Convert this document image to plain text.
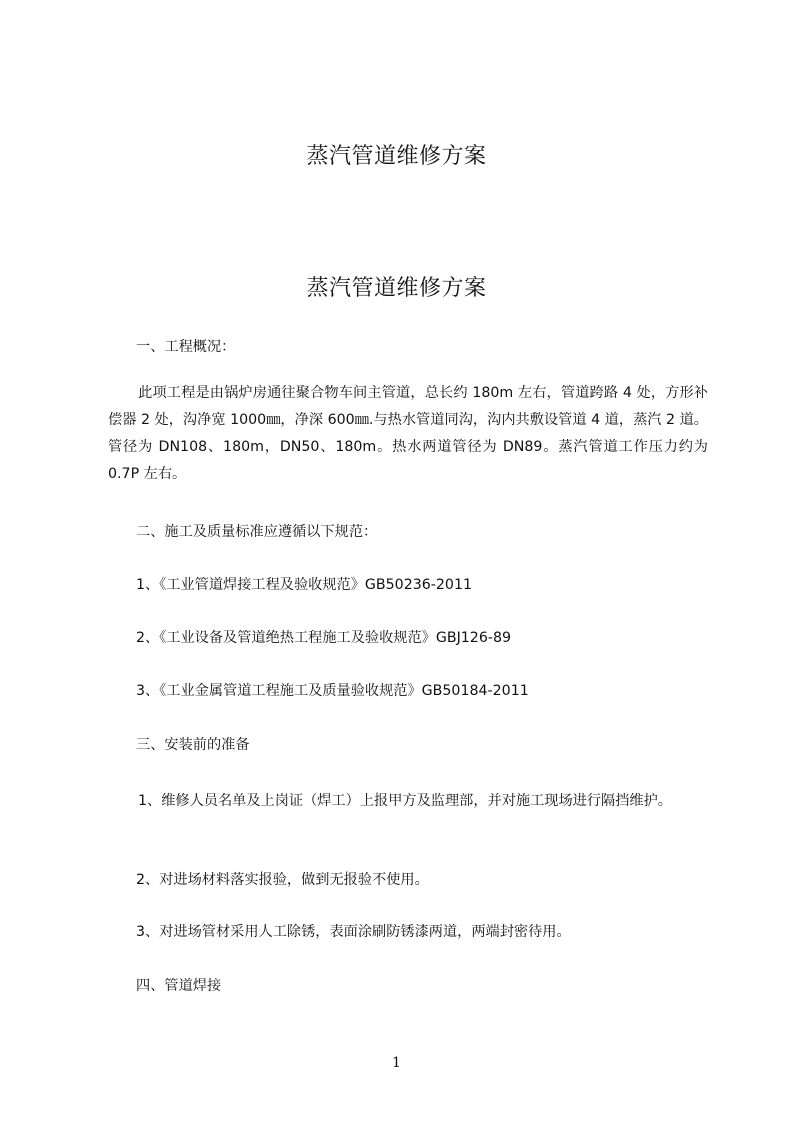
蒸汽管道维修方案
蒸汽管道维修方案
一、工程概况：
此项工程是由锅炉房通往聚合物车间主管道，总长约 180m 左右，管道跨路 4 处，方形补偿器 2 处，沟净宽 1000㎜，净深 600㎜.与热水管道同沟，沟内共敷设管道 4 道，蒸汽 2 道。管径为 DN108、180m，DN50、180m。热水两道管径为 DN89。蒸汽管道工作压力约为 0.7P 左右。
二、施工及质量标准应遵循以下规范：
1、《工业管道焊接工程及验收规范》GB50236-2011
2、《工业设备及管道绝热工程施工及验收规范》GBJ126-89
3、《工业金属管道工程施工及质量验收规范》GB50184-2011
三、安装前的准备
1、维修人员名单及上岗证（焊工）上报甲方及监理部，并对施工现场进行隔挡维护。
2、对进场材料落实报验，做到无报验不使用。
3、对进场管材采用人工除锈，表面涂刷防锈漆两道，两端封密待用。
四、管道焊接
1
